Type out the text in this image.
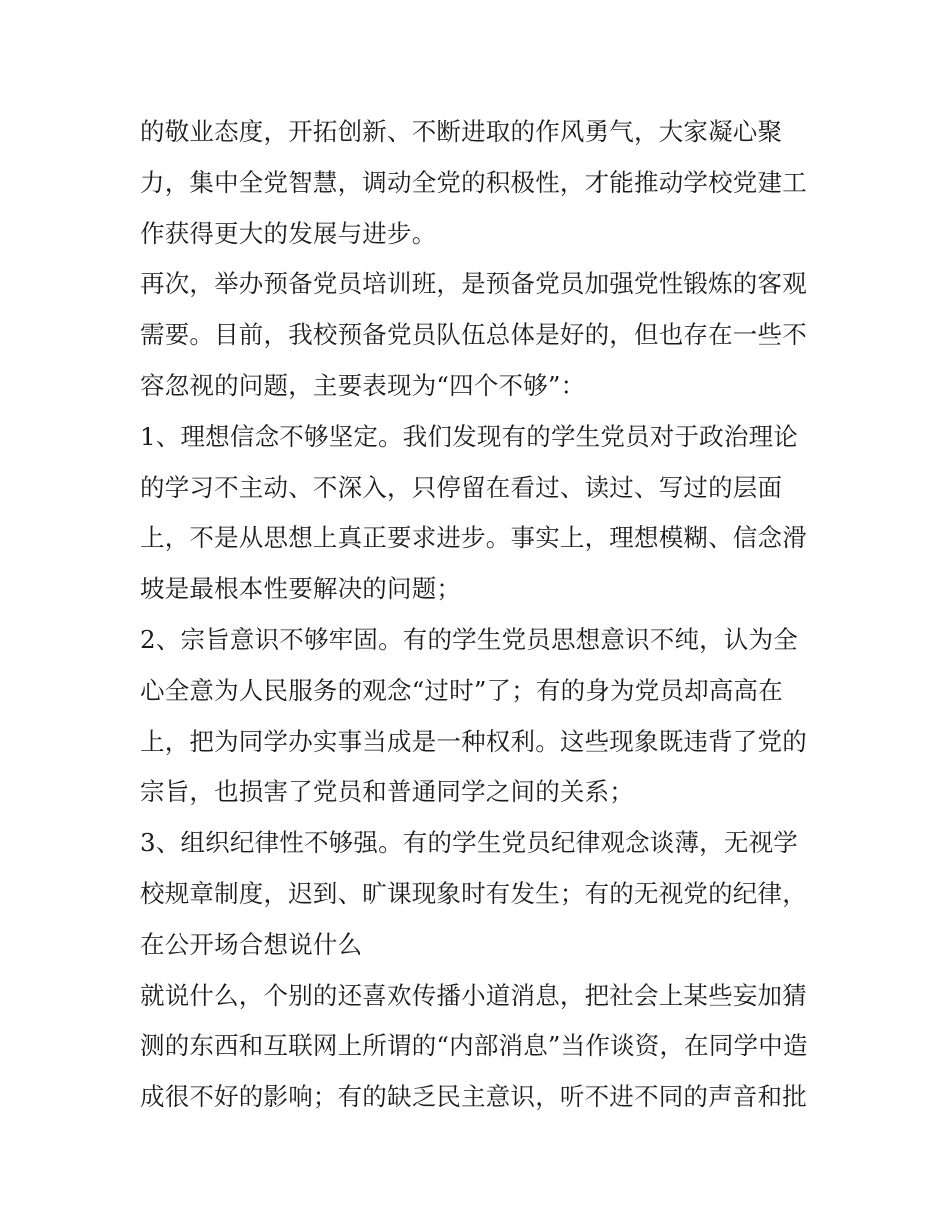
的敬业态度，开拓创新、不断进取的作风勇气，大家凝心聚
力，集中全党智慧，调动全党的积极性，才能推动学校党建工
作获得更大的发展与进步。
再次，举办预备党员培训班，是预备党员加强党性锻炼的客观
需要。目前，我校预备党员队伍总体是好的，但也存在一些不
容忽视的问题，主要表现为“四个不够”：
1、理想信念不够坚定。我们发现有的学生党员对于政治理论
的学习不主动、不深入，只停留在看过、读过、写过的层面
上，不是从思想上真正要求进步。事实上，理想模糊、信念滑
坡是最根本性要解决的问题；
2、宗旨意识不够牢固。有的学生党员思想意识不纯，认为全
心全意为人民服务的观念“过时”了；有的身为党员却高高在
上，把为同学办实事当成是一种权利。这些现象既违背了党的
宗旨，也损害了党员和普通同学之间的关系；
3、组织纪律性不够强。有的学生党员纪律观念谈薄，无视学
校规章制度，迟到、旷课现象时有发生；有的无视党的纪律，
在公开场合想说什么
就说什么，个别的还喜欢传播小道消息，把社会上某些妄加猜
测的东西和互联网上所谓的“内部消息”当作谈资，在同学中造
成很不好的影响；有的缺乏民主意识，听不进不同的声音和批
